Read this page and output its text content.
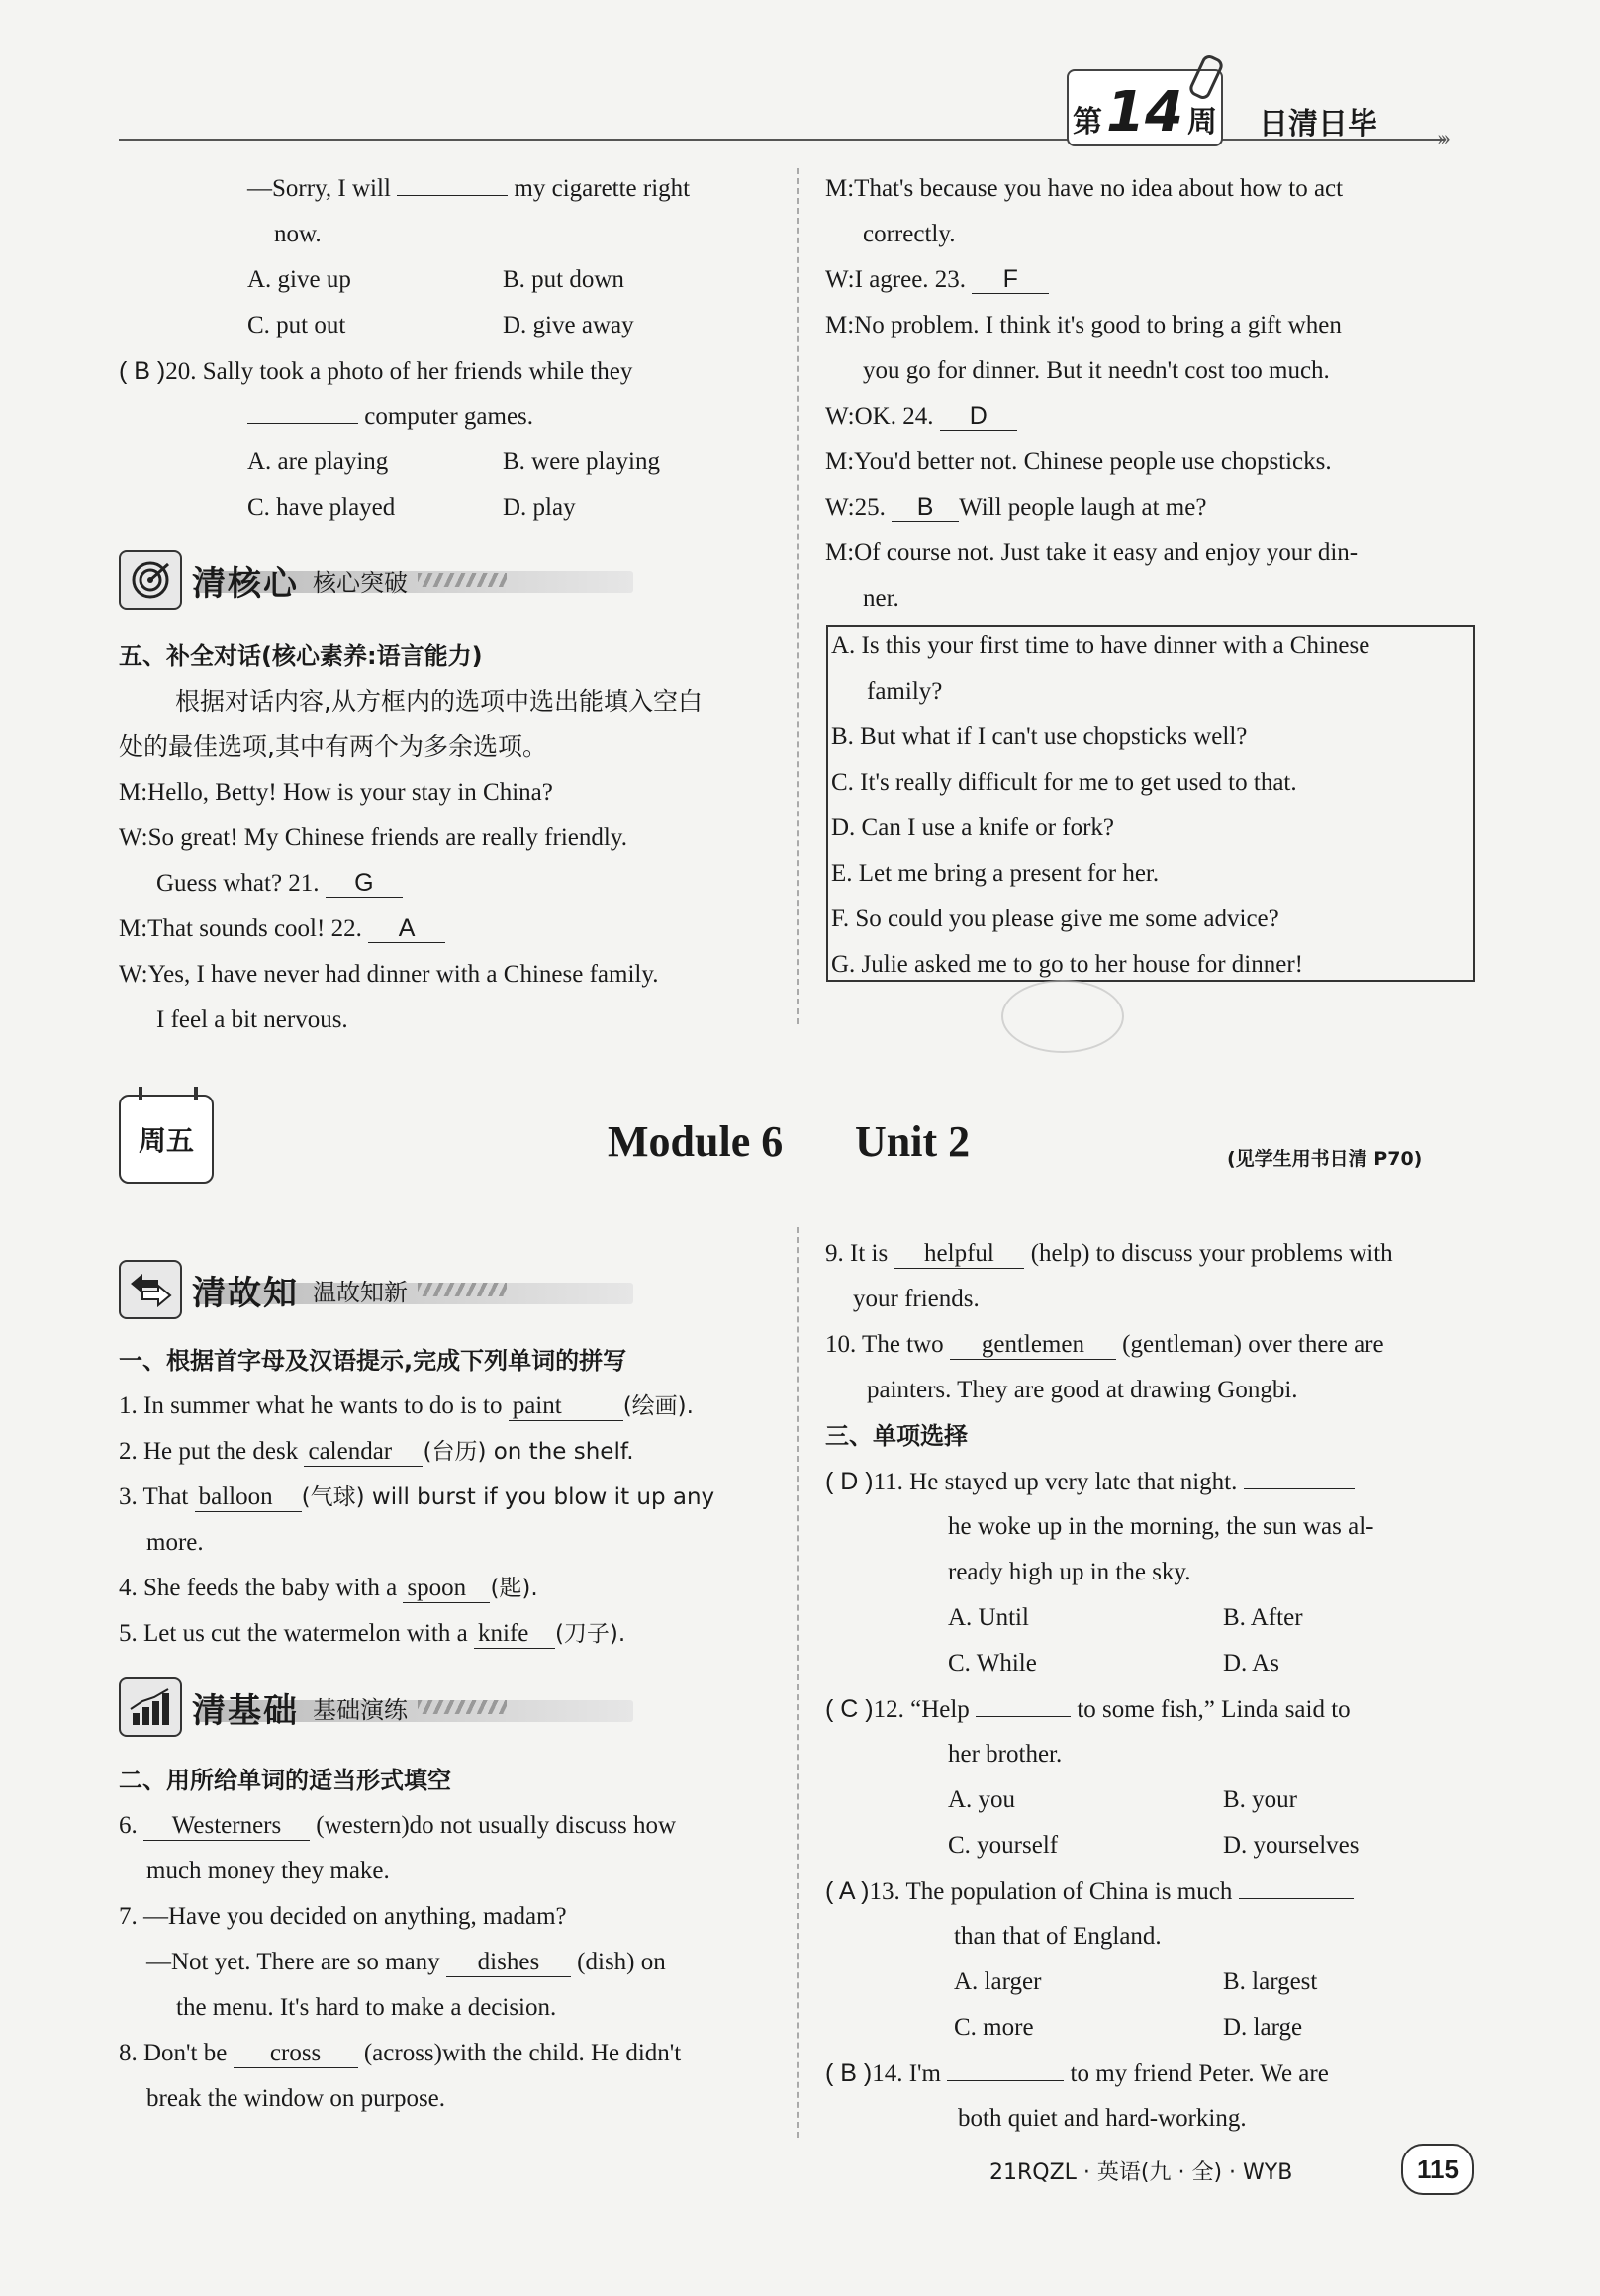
第 14 周 日清日毕	›››
—Sorry, I will	my cigarette right
now.
A. give up	B. put down
C. put out	D. give away
( B )20. Sally took a photo of her friends while they
computer games.
A. are playing	B. were playing
C. have played	D. play
清核心 核心突破
五、补全对话(核心素养:语言能力)
根据对话内容,从方框内的选项中选出能填入空白
处的最佳选项,其中有两个为多余选项。
M:Hello, Betty! How is your stay in China?
W:So great! My Chinese friends are really friendly.
Guess what? 21. G
M:That sounds cool! 22. A
W:Yes, I have never had dinner with a Chinese family.
I feel a bit nervous.
M:That's because you have no idea about how to act
correctly.
W:I agree. 23. F
M:No problem. I think it's good to bring a gift when
you go for dinner. But it needn't cost too much.
W:OK. 24. D
M:You'd better not. Chinese people use chopsticks.
W:25. B Will people laugh at me?
M:Of course not. Just take it easy and enjoy your din-
ner.
A. Is this your first time to have dinner with a Chinese
family?
B. But what if I can't use chopsticks well?
C. It's really difficult for me to get used to that.
D. Can I use a knife or fork?
E. Let me bring a present for her.
F. So could you please give me some advice?
G. Julie asked me to go to her house for dinner!
周五	Module 6 Unit 2	(见学生用书日清 P70)
清故知 温故知新
一、根据首字母及汉语提示,完成下列单词的拼写
1. In summer what he wants to do is to paint	(绘画).
2. He put the desk calendar (台历) on the shelf.
3. That balloon (气球) will burst if you blow it up any
more.
4. She feeds the baby with a spoon (匙).
5. Let us cut the watermelon with a knife (刀子).
清基础 基础演练
二、用所给单词的适当形式填空
6. Westerners (western)do not usually discuss how
much money they make.
7. —Have you decided on anything, madam?
—Not yet. There are so many dishes (dish) on
the menu. It's hard to make a decision.
8. Don't be cross (across)with the child. He didn't
break the window on purpose.
9. It is helpful (help) to discuss your problems with
your friends.
10. The two gentlemen (gentleman) over there are
painters. They are good at drawing Gongbi.
三、单项选择
( D )11. He stayed up very late that night.
he woke up in the morning, the sun was al-
ready high up in the sky.
A. Until	B. After
C. While	D. As
( C )12. “Help	to some fish,” Linda said to
her brother.
A. you	B. your
C. yourself	D. yourselves
( A )13. The population of China is much
than that of England.
A. larger	B. largest
C. more	D. large
( B )14. I'm	to my friend Peter. We are
both quiet and hard-working.
21RQZL · 英语(九 · 全) · WYB	115
